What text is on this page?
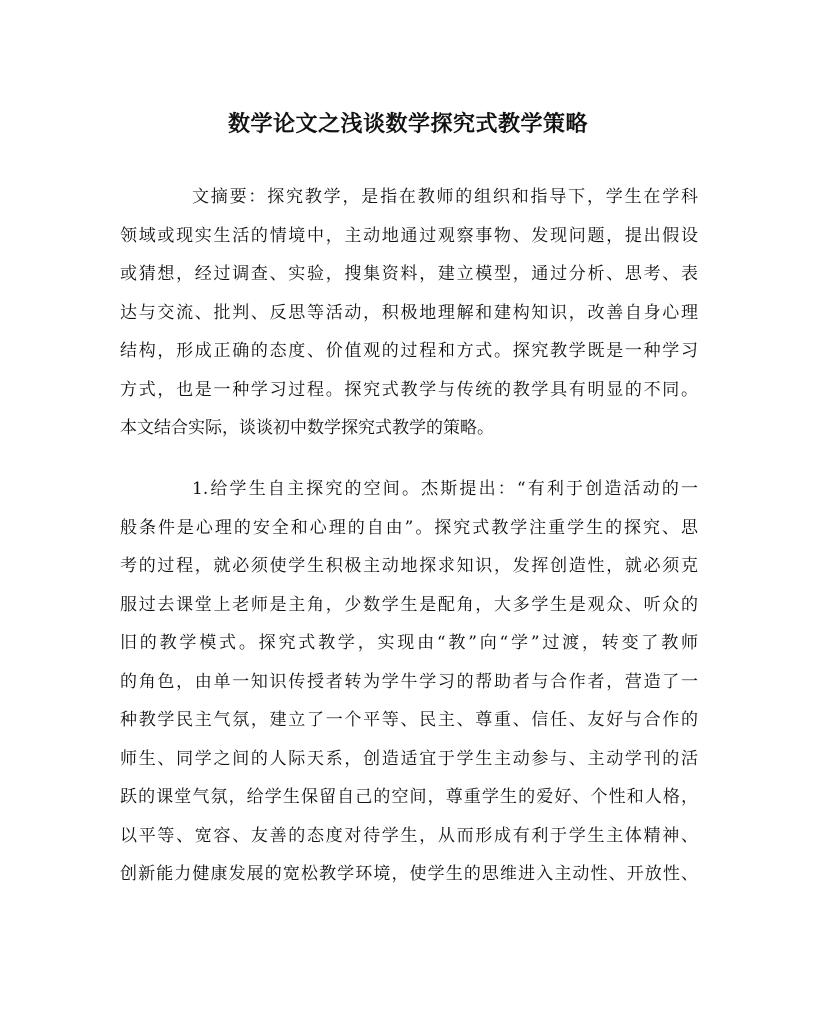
数学论文之浅谈数学探究式教学策略
文摘要：探究教学，是指在教师的组织和指导下，学生在学科
领域或现实生活的情境中，主动地通过观察事物、发现问题，提出假设
或猜想，经过调查、实验，搜集资料，建立模型，通过分析、思考、表
达与交流、批判、反思等活动，积极地理解和建构知识，改善自身心理
结构，形成正确的态度、价值观的过程和方式。探究教学既是一种学习
方式，也是一种学习过程。探究式教学与传统的教学具有明显的不同。
本文结合实际，谈谈初中数学探究式教学的策略。
1.给学生自主探究的空间。杰斯提出：“有利于创造活动的一
般条件是心理的安全和心理的自由”。探究式教学注重学生的探究、思
考的过程，就必须使学生积极主动地探求知识，发挥创造性，就必须克
服过去课堂上老师是主角，少数学生是配角，大多学生是观众、听众的
旧的教学模式。探究式教学，实现由“教”向“学”过渡，转变了教师
的角色，由单一知识传授者转为学牛学习的帮助者与合作者，营造了一
种教学民主气氛，建立了一个平等、民主、尊重、信任、友好与合作的
师生、同学之间的人际天系，创造适宜于学生主动参与、主动学刊的活
跃的课堂气氛，给学生保留自己的空间，尊重学生的爱好、个性和人格，
以平等、宽容、友善的态度对待学生，从而形成有利于学生主体精神、
创新能力健康发展的宽松教学环境，使学生的思维进入主动性、开放性、
